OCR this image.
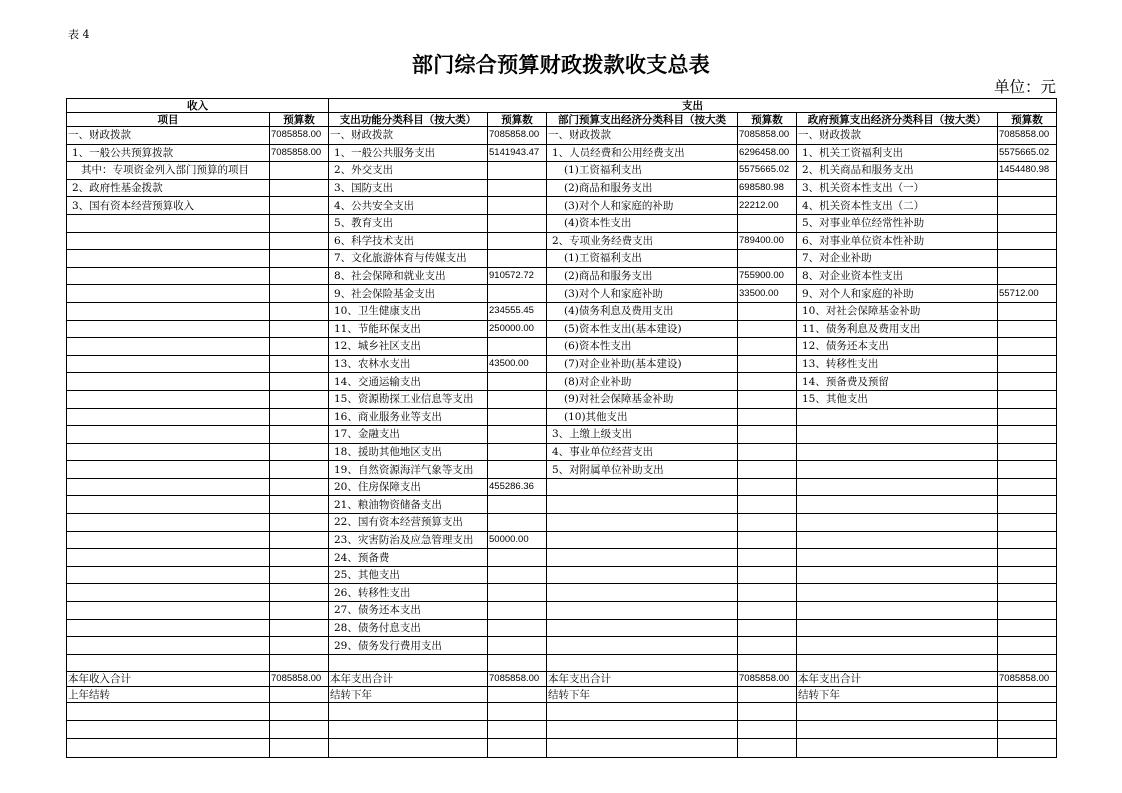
表 4
部门综合预算财政拨款收支总表
单位：元
收入		支出					
项目	预算数	支出功能分类科目（按大类）	预算数	部门预算支出经济分类科目（按大类	预算数	政府预算支出经济分类科目（按大类）	预算数
一、财政拨款	7085858.00	一、财政拨款	7085858.00	一、财政拨款	7085858.00	一、财政拨款	7085858.00
1、一般公共预算拨款	7085858.00	1、一般公共服务支出	5141943.47	1、人员经费和公用经费支出	6296458.00	1、机关工资福利支出	5575665.02
其中：专项资金列入部门预算的项目		2、外交支出		(1)工资福利支出	5575665.02	2、机关商品和服务支出	1454480.98
2、政府性基金拨款		3、国防支出		(2)商品和服务支出	698580.98	3、机关资本性支出（一）	
3、国有资本经营预算收入		4、公共安全支出		(3)对个人和家庭的补助	22212.00	4、机关资本性支出（二）	
		5、教育支出		(4)资本性支出		5、对事业单位经常性补助	
		6、科学技术支出		2、专项业务经费支出	789400.00	6、对事业单位资本性补助	
		7、文化旅游体育与传媒支出		(1)工资福利支出		7、对企业补助	
		8、社会保障和就业支出	910572.72	(2)商品和服务支出	755900.00	8、对企业资本性支出	
		9、社会保险基金支出		(3)对个人和家庭补助	33500.00	9、对个人和家庭的补助	55712.00
		10、卫生健康支出	234555.45	(4)债务利息及费用支出		10、对社会保障基金补助	
		11、节能环保支出	250000.00	(5)资本性支出(基本建设)		11、债务利息及费用支出	
		12、城乡社区支出		(6)资本性支出		12、债务还本支出	
		13、农林水支出	43500.00	(7)对企业补助(基本建设)		13、转移性支出	
		14、交通运输支出		(8)对企业补助		14、预备费及预留	
		15、资源勘探工业信息等支出		(9)对社会保障基金补助		15、其他支出	
		16、商业服务业等支出		(10)其他支出			
		17、金融支出		3、上缴上级支出			
		18、援助其他地区支出		4、事业单位经营支出			
		19、自然资源海洋气象等支出		5、对附属单位补助支出			
		20、住房保障支出	455286.36				
		21、粮油物资储备支出					
		22、国有资本经营预算支出					
		23、灾害防治及应急管理支出	50000.00				
		24、预备费					
		25、其他支出					
		26、转移性支出					
		27、债务还本支出					
		28、债务付息支出					
		29、债务发行费用支出					

本年收入合计	7085858.00	本年支出合计	7085858.00	本年支出合计	7085858.00	本年支出合计	7085858.00
上年结转		结转下年		结转下年		结转下年	
